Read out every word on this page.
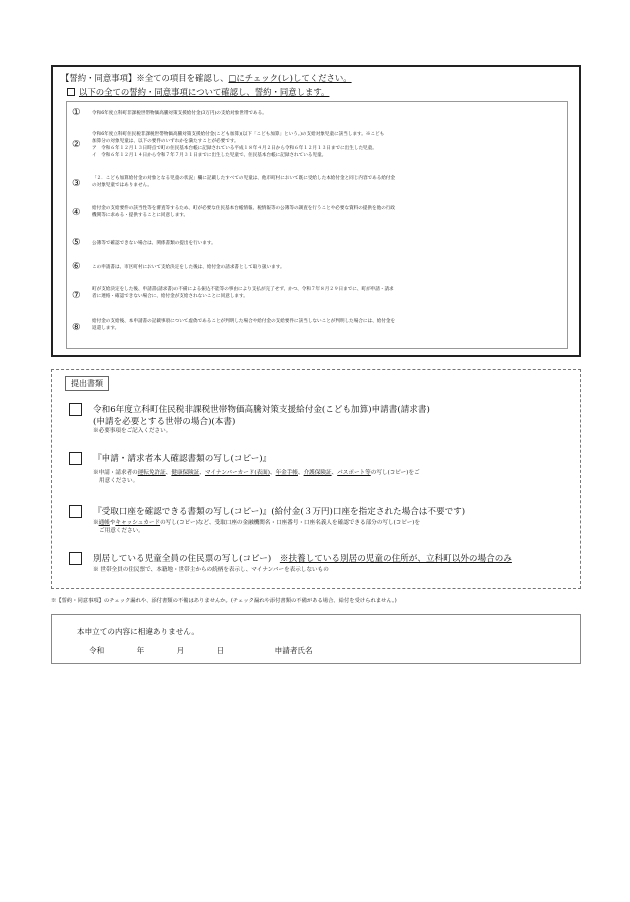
【誓約・同意事項】※全ての項目を確認し、□にチェック(レ)してください。
以下の全ての誓約・同意事項について確認し、誓約・同意します。
① 令和6年度立科町非課税世帯物価高騰対策支援給付金(3万円)の支給対象世帯である。
②
令和6年度立科町住民税非課税世帯物価高騰対策支援給付金(こども加算)(以下「こども加算」という。)の支給対象児童に該当します。※こども
加算分の対象児童は、以下の要件のいずれかを満たすことが必要です。
ア　令和６年１２月１３日時点で町の住民基本台帳に記録されている平成１８年４月２日から令和６年１２月１３日までに出生した児童。
イ　令和６年１２月１４日から令和７年７月３１日までに出生した児童で、住民基本台帳に記録されている児童。
③ 「２．こども加算給付金の対象となる児童の状況」欄に記載したすべての児童は、他市町村において既に受給した本給付金と同じ内容である給付金
の対象児童ではありません。
④ 給付金の支給要件の該当性等を審査等するため、町が必要な住民基本台帳情報、税情報等の公簿等の調査を行うことや必要な資料の提供を他の行政
機関等に求める・提供することに同意します。
⑤ 公簿等で確認できない場合は、関係書類の提出を行います。
⑥ この申請書は、市区町村において支給決定をした後は、給付金の請求書として取り扱います。
⑦
町が支給決定をした後、申請書(請求書)の不備による振込不能等の事由により支払が完了せず、かつ、令和７年８月２９日までに、町が申請・請求
者に連絡・確認できない場合に、給付金が支給されないことに同意します。
⑧
給付金の支給後、本申請書の記載事項について虚偽であることが判明した場合や給付金の支給要件に該当しないことが判明した場合には、給付金を
返還します。
提出書類
令和6年度立科町住民税非課税世帯物価高騰対策支援給付金(こども加算)申請書(請求書)
(申請を必要とする世帯の場合)(本書)
※必要事項をご記入ください。
『申請・請求者本人確認書類の写し(コピー)』
※申請・請求者の運転免許証、健康保険証、マイナンバーカード(表面)、年金手帳、介護保険証、パスポート等の写し(コピー)をご
用意ください。
『受取口座を確認できる書類の写し(コピー)』(給付金(３万円)口座を指定された場合は不要です)
※通帳やキャッシュカードの写し(コピー)など、受取口座の金融機関名・口座番号・口座名義人を確認できる部分の写し(コピー)を
ご用意ください。
別居している児童全員の住民票の写し(コピー)　※扶養している別居の児童の住所が、立科町以外の場合のみ
※ 世帯全員の住民票で、本籍地・世帯主からの続柄を表示し、マイナンバーを表示しないもの
※【誓約・同意事項】のチェック漏れや、添付書類の不備はありませんか。(チェック漏れや添付書類の不備がある場合、給付を受けられません。)
本申立ての内容に相違ありません。
令和	年	月	日	申請者氏名
